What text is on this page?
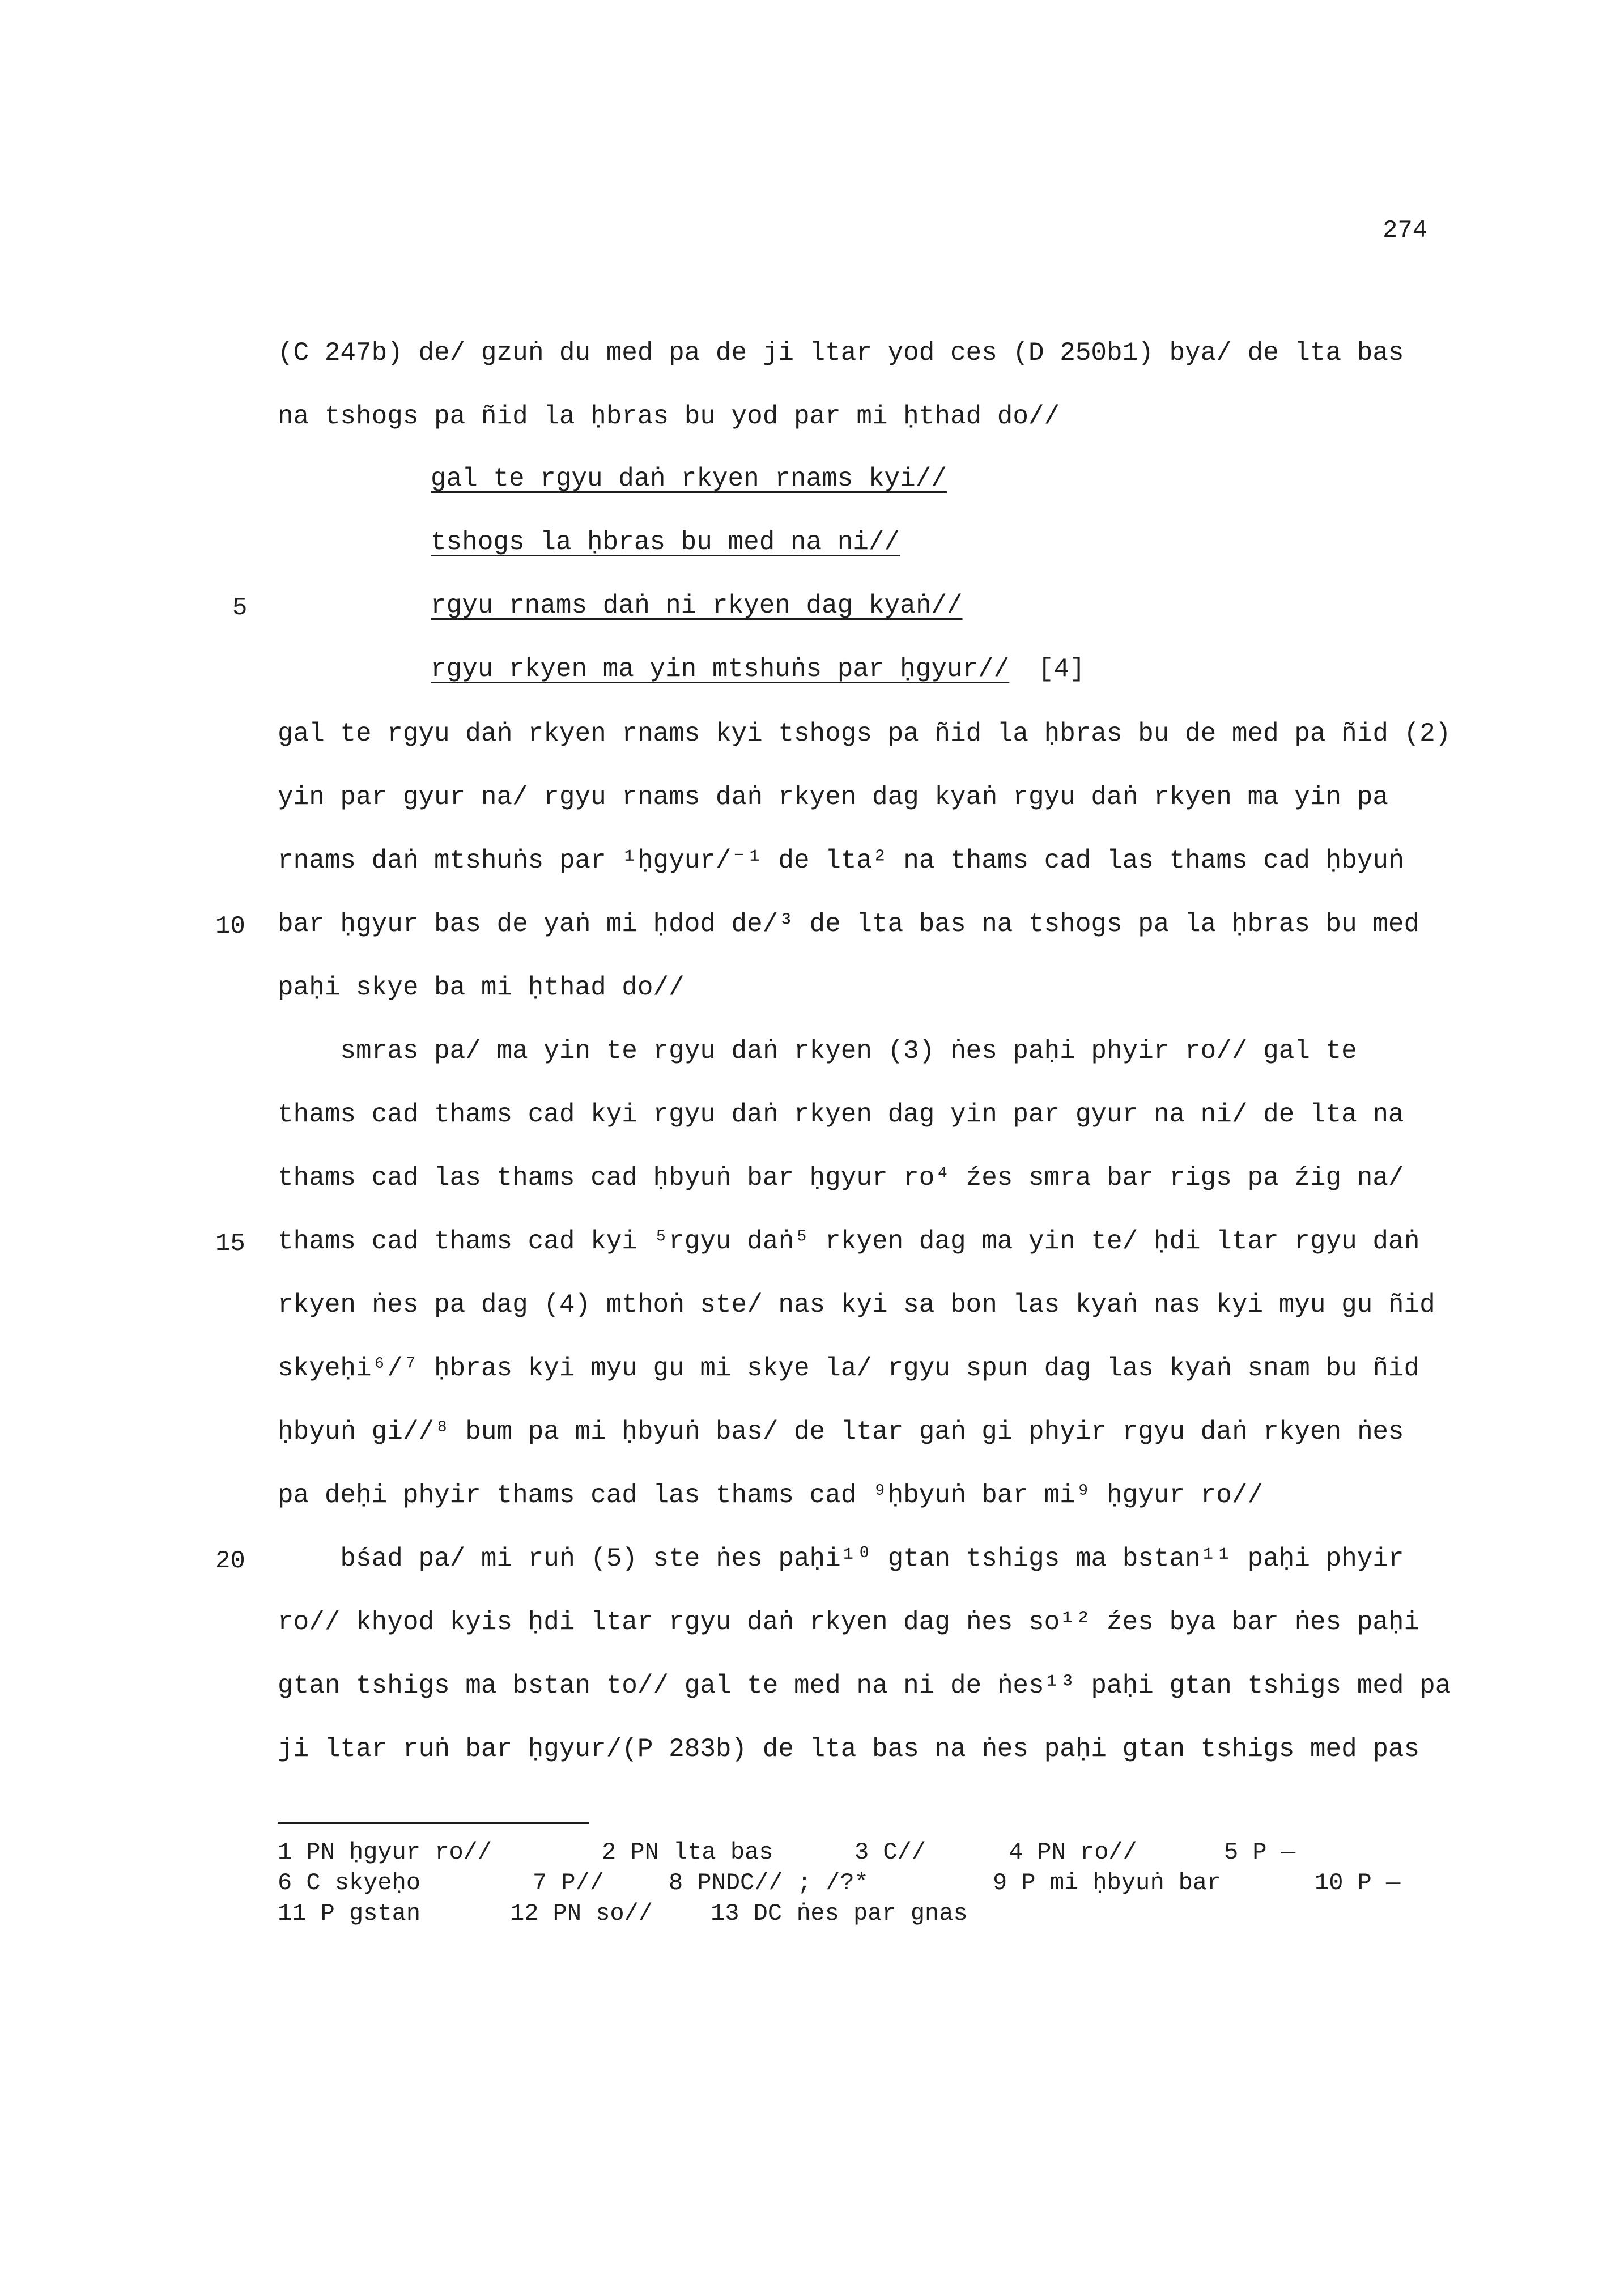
274
(C 247b) de/ gzuṅ du med pa de ji ltar yod ces (D 250b1) bya/ de lta bas
na tshogs pa ñid la ḥbras bu yod par mi ḥthad do//
gal te rgyu daṅ rkyen rnams kyi//
tshogs la ḥbras bu med na ni//
rgyu rnams daṅ ni rkyen dag kyaṅ//
rgyu rkyen ma yin mtshuṅs par ḥgyur// [4]
gal te rgyu daṅ rkyen rnams kyi tshogs pa ñid la ḥbras bu de med pa ñid (2)
yin par gyur na/ rgyu rnams daṅ rkyen dag kyaṅ rgyu daṅ rkyen ma yin pa
rnams daṅ mtshuṅs par ¹ḥgyur/⁻¹ de lta² na thams cad las thams cad ḥbyuṅ
bar ḥgyur bas de yaṅ mi ḥdod de/³ de lta bas na tshogs pa la ḥbras bu med
paḥi skye ba mi ḥthad do//
smras pa/ ma yin te rgyu daṅ rkyen (3) ṅes paḥi phyir ro// gal te
thams cad thams cad kyi rgyu daṅ rkyen dag yin par gyur na ni/ de lta na
thams cad las thams cad ḥbyuṅ bar ḥgyur ro⁴ źes smra bar rigs pa źig na/
thams cad thams cad kyi ⁵rgyu daṅ⁵ rkyen dag ma yin te/ ḥdi ltar rgyu daṅ
rkyen ṅes pa dag (4) mthoṅ ste/ nas kyi sa bon las kyaṅ nas kyi myu gu ñid
skyeḥi⁶/⁷ ḥbras kyi myu gu mi skye la/ rgyu spun dag las kyaṅ snam bu ñid
ḥbyuṅ gi//⁸ bum pa mi ḥbyuṅ bas/ de ltar gaṅ gi phyir rgyu daṅ rkyen ṅes
pa deḥi phyir thams cad las thams cad ⁹ḥbyuṅ bar mi⁹ ḥgyur ro//
bśad pa/ mi ruṅ (5) ste ṅes paḥi¹⁰ gtan tshigs ma bstan¹¹ paḥi phyir
ro// khyod kyis ḥdi ltar rgyu daṅ rkyen dag ṅes so¹² źes bya bar ṅes paḥi
gtan tshigs ma bstan to// gal te med na ni de ṅes¹³ paḥi gtan tshigs med pa
ji ltar ruṅ bar ḥgyur/(P 283b) de lta bas na ṅes paḥi gtan tshigs med pas
5
10
15
20
1 PN ḥgyur ro//	2 PN lta bas	3 C//	4 PN ro//	5 P —
6 C skyeḥo	7 P//	8 PNDC// ; /?*	9 P mi ḥbyuṅ bar	10 P —
11 P gstan	12 PN so// 13 DC ṅes par gnas
